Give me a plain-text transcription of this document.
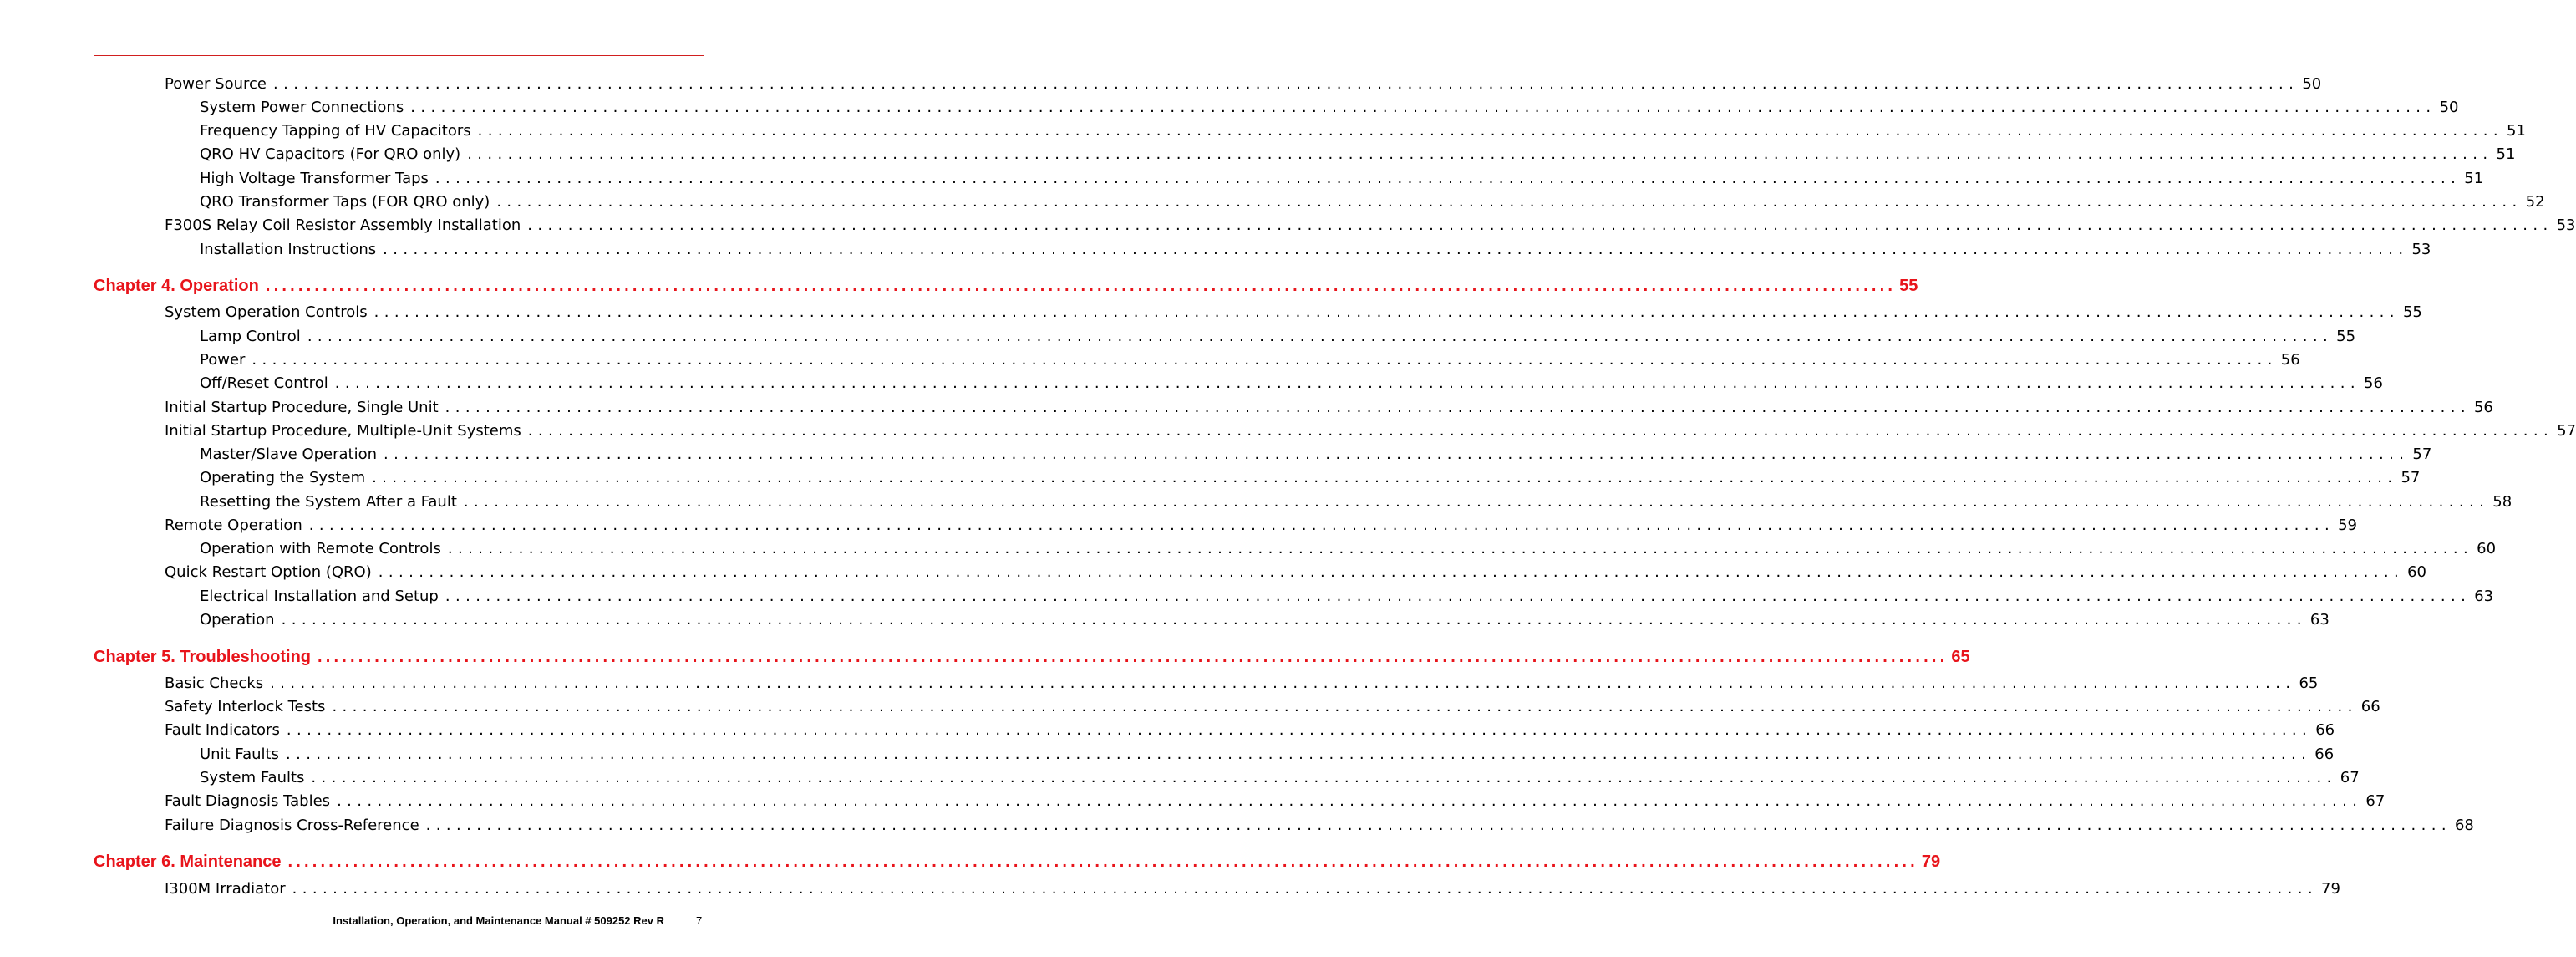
Power Source ........................................................................................................................................................................................................ 50
System Power Connections ........................................................................................................................................................................................................ 50
Frequency Tapping of HV Capacitors ........................................................................................................................................................................................................ 51
QRO HV Capacitors (For QRO only) ........................................................................................................................................................................................................ 51
High Voltage Transformer Taps ........................................................................................................................................................................................................ 51
QRO Transformer Taps (FOR QRO only) ........................................................................................................................................................................................................ 52
F300S Relay Coil Resistor Assembly Installation ........................................................................................................................................................................................................ 53
Installation Instructions ........................................................................................................................................................................................................ 53
Chapter 4. Operation ........................................................................................................................................................................................................ 55
System Operation Controls ........................................................................................................................................................................................................ 55
Lamp Control ........................................................................................................................................................................................................ 55
Power ........................................................................................................................................................................................................ 56
Off/Reset Control ........................................................................................................................................................................................................ 56
Initial Startup Procedure, Single Unit ........................................................................................................................................................................................................ 56
Initial Startup Procedure, Multiple-Unit Systems ........................................................................................................................................................................................................ 57
Master/Slave Operation ........................................................................................................................................................................................................ 57
Operating the System ........................................................................................................................................................................................................ 57
Resetting the System After a Fault ........................................................................................................................................................................................................ 58
Remote Operation ........................................................................................................................................................................................................ 59
Operation with Remote Controls ........................................................................................................................................................................................................ 60
Quick Restart Option (QRO) ........................................................................................................................................................................................................ 60
Electrical Installation and Setup ........................................................................................................................................................................................................ 63
Operation ........................................................................................................................................................................................................ 63
Chapter 5. Troubleshooting ........................................................................................................................................................................................................ 65
Basic Checks ........................................................................................................................................................................................................ 65
Safety Interlock Tests ........................................................................................................................................................................................................ 66
Fault Indicators ........................................................................................................................................................................................................ 66
Unit Faults ........................................................................................................................................................................................................ 66
System Faults ........................................................................................................................................................................................................ 67
Fault Diagnosis Tables ........................................................................................................................................................................................................ 67
Failure Diagnosis Cross-Reference ........................................................................................................................................................................................................ 68
Chapter 6. Maintenance ........................................................................................................................................................................................................ 79
I300M Irradiator ........................................................................................................................................................................................................ 79
Installation, Operation, and Maintenance Manual # 509252 Rev R	7
